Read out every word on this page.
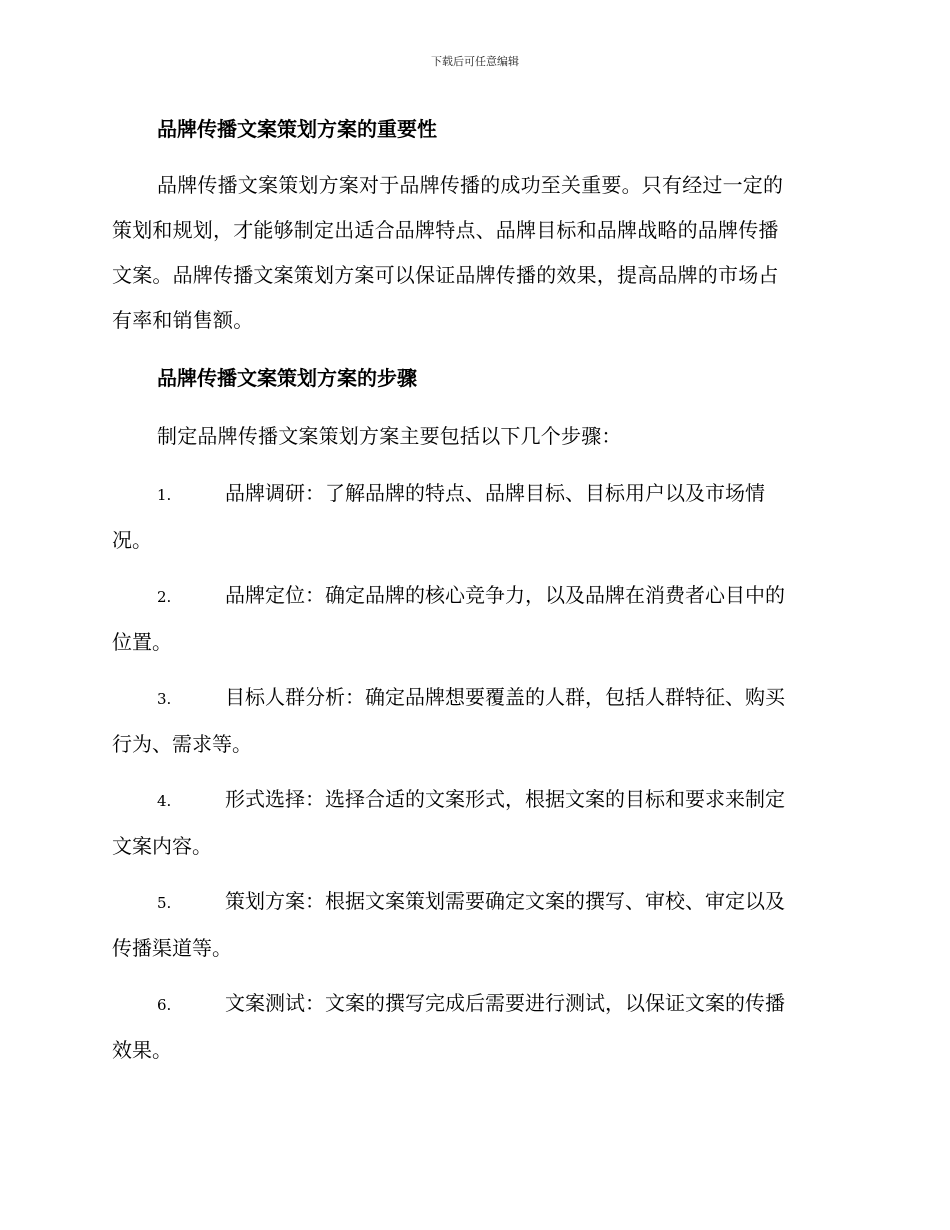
下载后可任意编辑
品牌传播文案策划方案的重要性
品牌传播文案策划方案对于品牌传播的成功至关重要。只有经过一定的
策划和规划，才能够制定出适合品牌特点、品牌目标和品牌战略的品牌传播
文案。品牌传播文案策划方案可以保证品牌传播的效果，提高品牌的市场占
有率和销售额。
品牌传播文案策划方案的步骤
制定品牌传播文案策划方案主要包括以下几个步骤：
1.	品牌调研：了解品牌的特点、品牌目标、目标用户以及市场情
况。
2.	品牌定位：确定品牌的核心竞争力，以及品牌在消费者心目中的
位置。
3.	目标人群分析：确定品牌想要覆盖的人群，包括人群特征、购买
行为、需求等。
4.	形式选择：选择合适的文案形式，根据文案的目标和要求来制定
文案内容。
5.	策划方案：根据文案策划需要确定文案的撰写、审校、审定以及
传播渠道等。
6.	文案测试：文案的撰写完成后需要进行测试，以保证文案的传播
效果。
